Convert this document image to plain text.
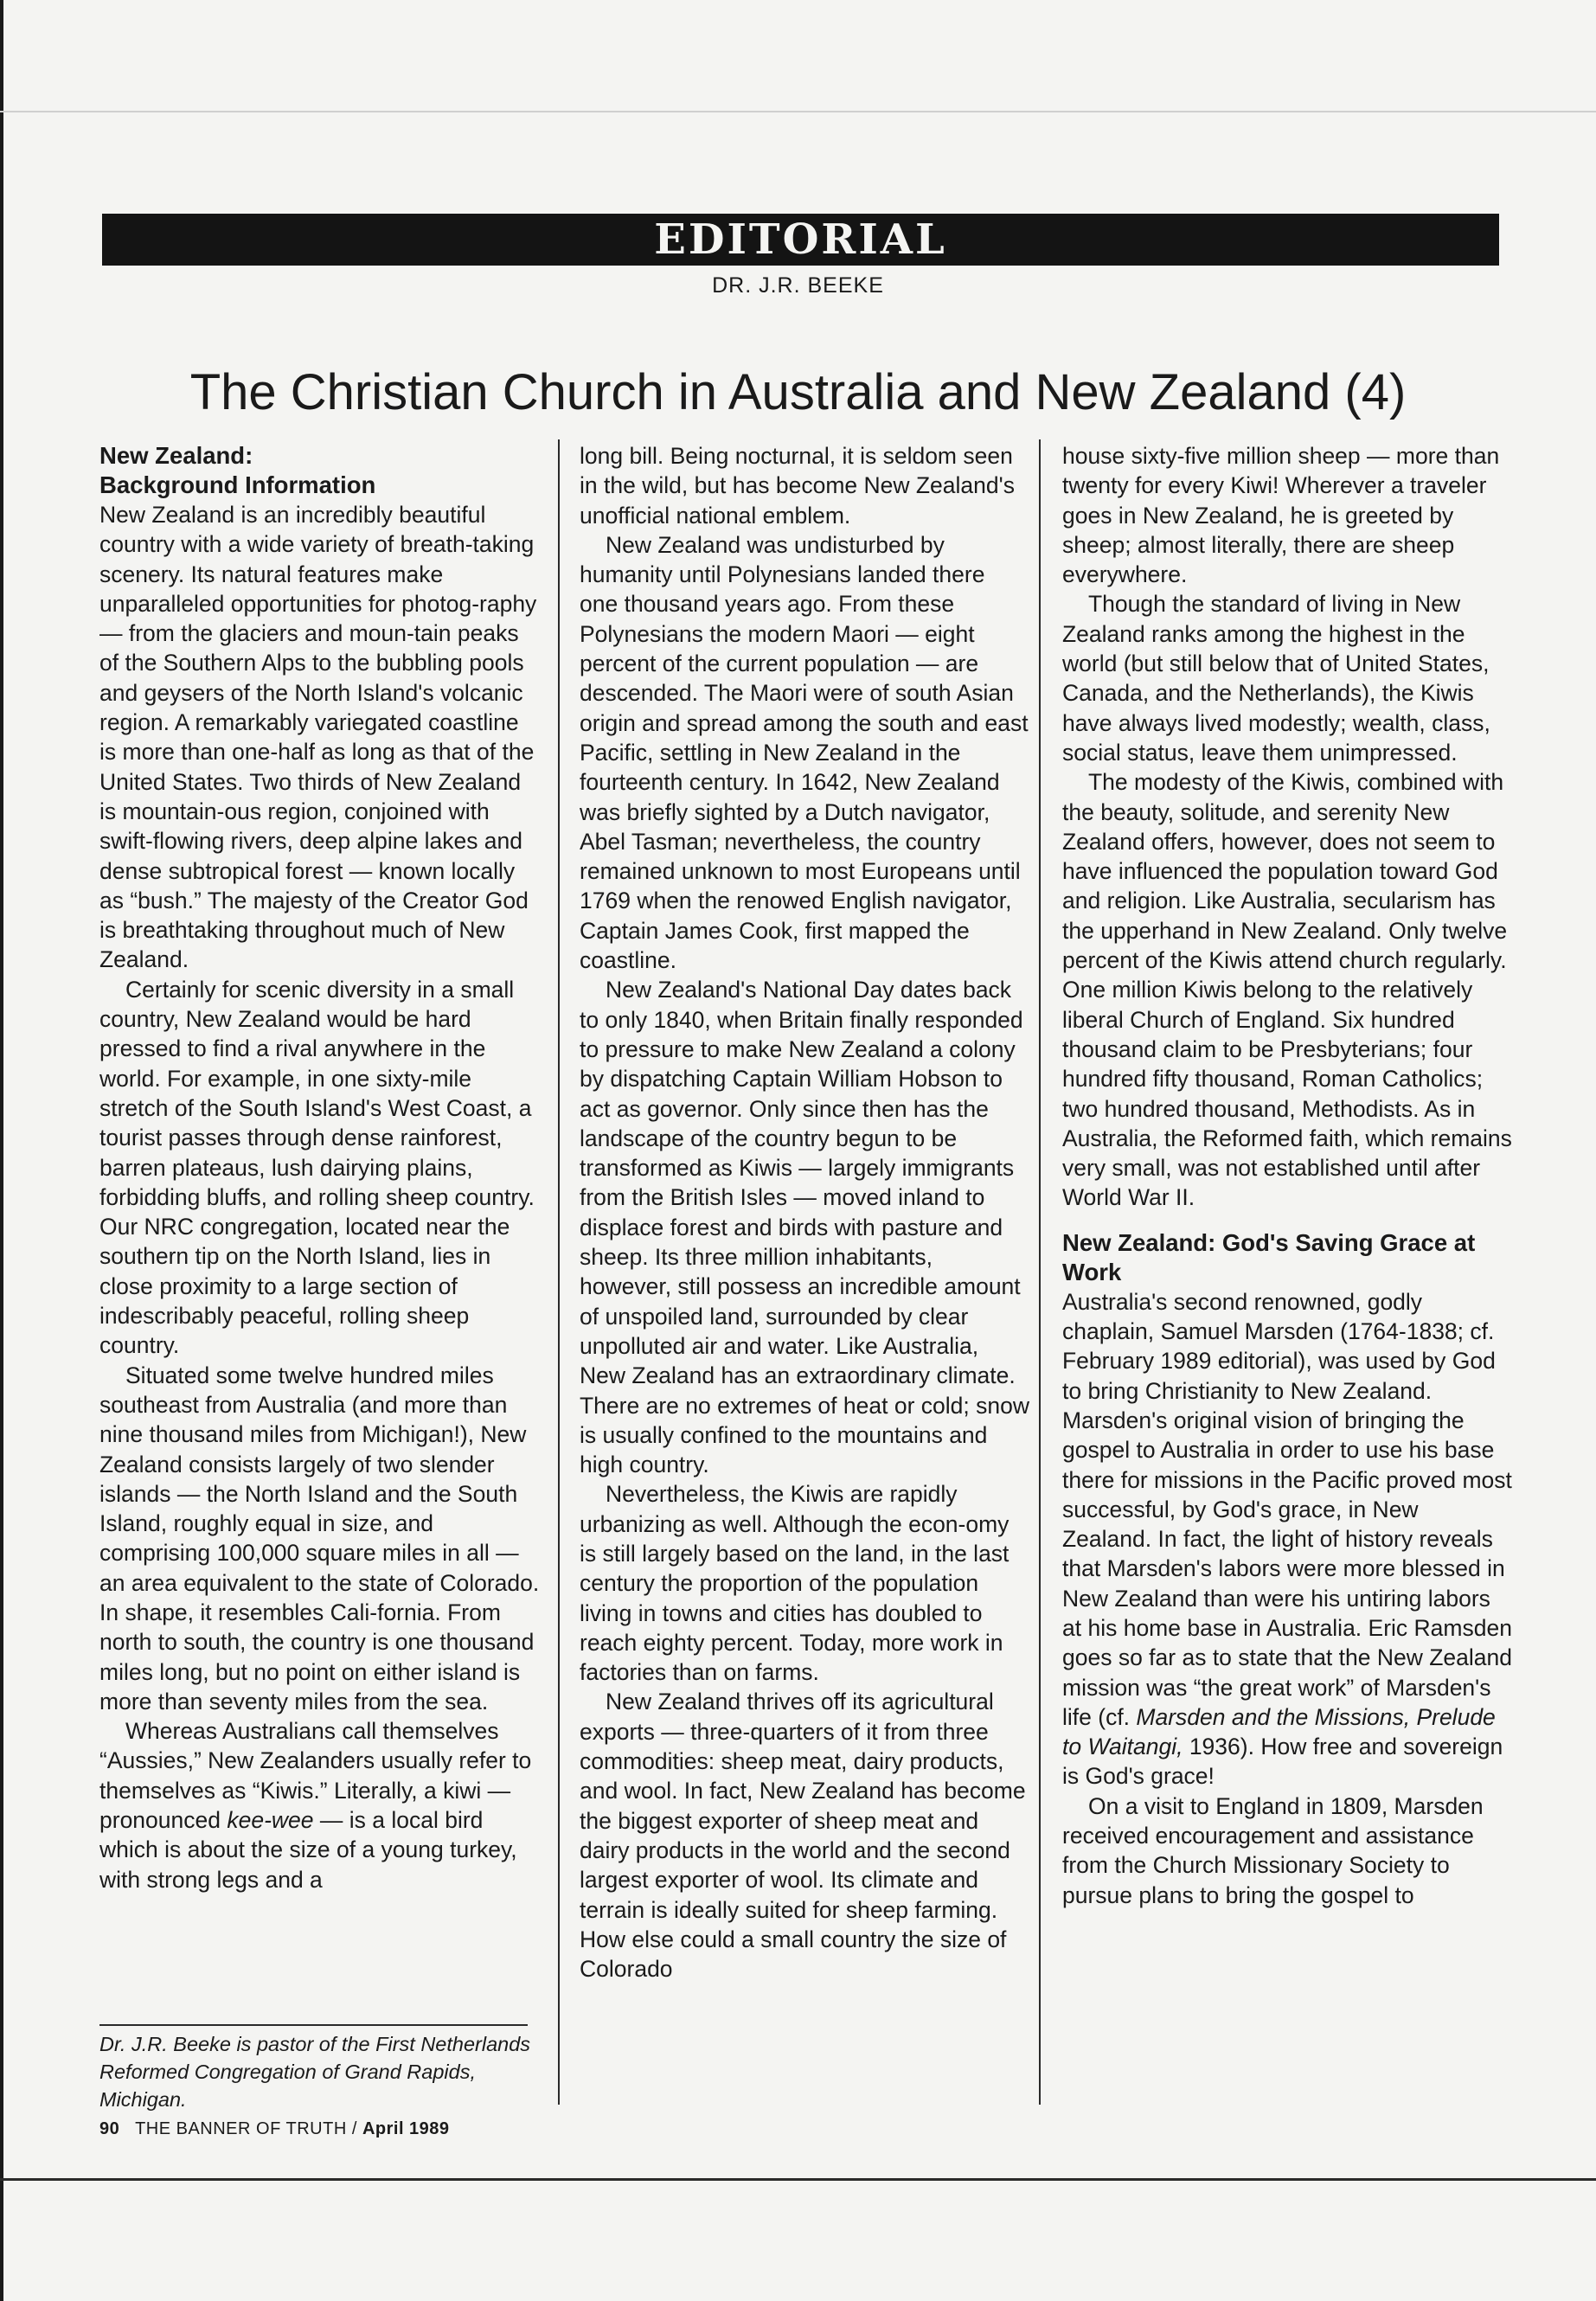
EDITORIAL
DR. J.R. BEEKE
The Christian Church in Australia and New Zealand (4)
New Zealand:
Background Information

New Zealand is an incredibly beautiful country with a wide variety of breath-taking scenery. Its natural features make unparalleled opportunities for photog-raphy — from the glaciers and moun-tain peaks of the Southern Alps to the bubbling pools and geysers of the North Island's volcanic region. A remarkably variegated coastline is more than one-half as long as that of the United States. Two thirds of New Zealand is mountain-ous region, conjoined with swift-flowing rivers, deep alpine lakes and dense subtropical forest — known locally as “bush.” The majesty of the Creator God is breathtaking throughout much of New Zealand.

Certainly for scenic diversity in a small country, New Zealand would be hard pressed to find a rival anywhere in the world. For example, in one sixty-mile stretch of the South Island's West Coast, a tourist passes through dense rainforest, barren plateaus, lush dairying plains, forbidding bluffs, and rolling sheep country. Our NRC congregation, located near the southern tip on the North Island, lies in close proximity to a large section of indescribably peaceful, rolling sheep country.

Situated some twelve hundred miles southeast from Australia (and more than nine thousand miles from Michigan!), New Zealand consists largely of two slender islands — the North Island and the South Island, roughly equal in size, and comprising 100,000 square miles in all — an area equivalent to the state of Colorado. In shape, it resembles Cali-fornia. From north to south, the country is one thousand miles long, but no point on either island is more than seventy miles from the sea.

Whereas Australians call themselves “Aussies,” New Zealanders usually refer to themselves as “Kiwis.” Literally, a kiwi — pronounced kee-wee — is a local bird which is about the size of a young turkey, with strong legs and a

long bill. Being nocturnal, it is seldom seen in the wild, but has become New Zealand's unofficial national emblem.

New Zealand was undisturbed by humanity until Polynesians landed there one thousand years ago. From these Polynesians the modern Maori — eight percent of the current population — are descended. The Maori were of south Asian origin and spread among the south and east Pacific, settling in New Zealand in the fourteenth century. In 1642, New Zealand was briefly sighted by a Dutch navigator, Abel Tasman; nevertheless, the country remained unknown to most Europeans until 1769 when the renowed English navigator, Captain James Cook, first mapped the coastline.

New Zealand's National Day dates back to only 1840, when Britain finally responded to pressure to make New Zealand a colony by dispatching Captain William Hobson to act as governor. Only since then has the landscape of the country begun to be transformed as Kiwis — largely immigrants from the British Isles — moved inland to displace forest and birds with pasture and sheep. Its three million inhabitants, however, still possess an incredible amount of unspoiled land, surrounded by clear unpolluted air and water. Like Australia, New Zealand has an extraordinary climate. There are no extremes of heat or cold; snow is usually confined to the mountains and high country.

Nevertheless, the Kiwis are rapidly urbanizing as well. Although the econ-omy is still largely based on the land, in the last century the proportion of the population living in towns and cities has doubled to reach eighty percent. Today, more work in factories than on farms.

New Zealand thrives off its agricultural exports — three-quarters of it from three commodities: sheep meat, dairy products, and wool. In fact, New Zealand has become the biggest exporter of sheep meat and dairy products in the world and the second largest exporter of wool. Its climate and terrain is ideally suited for sheep farming. How else could a small country the size of Colorado

house sixty-five million sheep — more than twenty for every Kiwi! Wherever a traveler goes in New Zealand, he is greeted by sheep; almost literally, there are sheep everywhere.

Though the standard of living in New Zealand ranks among the highest in the world (but still below that of United States, Canada, and the Netherlands), the Kiwis have always lived modestly; wealth, class, social status, leave them unimpressed.

The modesty of the Kiwis, combined with the beauty, solitude, and serenity New Zealand offers, however, does not seem to have influenced the population toward God and religion. Like Australia, secularism has the upperhand in New Zealand. Only twelve percent of the Kiwis attend church regularly. One million Kiwis belong to the relatively liberal Church of England. Six hundred thousand claim to be Presbyterians; four hundred fifty thousand, Roman Catholics; two hundred thousand, Methodists. As in Australia, the Reformed faith, which remains very small, was not established until after World War II.

New Zealand: God's Saving Grace at Work

Australia's second renowned, godly chaplain, Samuel Marsden (1764-1838; cf. February 1989 editorial), was used by God to bring Christianity to New Zealand. Marsden's original vision of bringing the gospel to Australia in order to use his base there for missions in the Pacific proved most successful, by God's grace, in New Zealand. In fact, the light of history reveals that Marsden's labors were more blessed in New Zealand than were his untiring labors at his home base in Australia. Eric Ramsden goes so far as to state that the New Zealand mission was “the great work” of Marsden's life (cf. Marsden and the Missions, Prelude to Waitangi, 1936). How free and sovereign is God's grace!

On a visit to England in 1809, Marsden received encouragement and assistance from the Church Missionary Society to pursue plans to bring the gospel to

Dr. J.R. Beeke is pastor of the First Netherlands Reformed Congregation of Grand Rapids, Michigan.
90 THE BANNER OF TRUTH / April 1989
